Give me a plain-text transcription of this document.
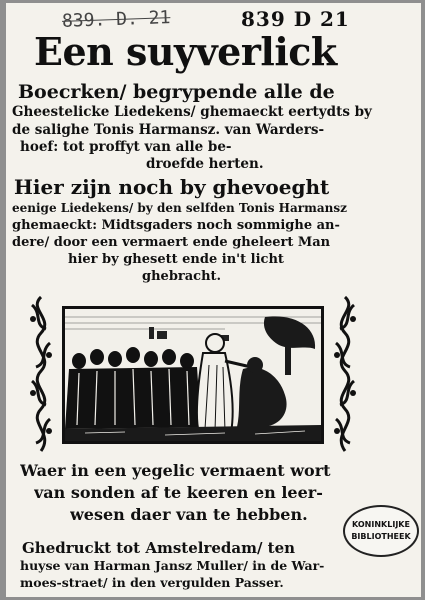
839. D. 21	839 D 21
Een suyverlick
Boecrken/ begrypende alle de
Gheestelicke Liedekens/ ghemaeckt eertydts by
de salighe Tonis Harmansz. van Warders-
hoef: tot proffyt van alle be-
droefde herten.
Hier zijn noch by ghevoeght
eenige Liedekens/ by den selfden Tonis Harmansz
ghemaeckt: Midtsgaders noch sommighe an-
dere/ door een vermaert ende gheleert Man
hier by ghesett ende in't licht
ghebracht.
Waer in een yegelic vermaent wort
van sonden af te keeren en leer-
wesen daer van te hebben.
Ghedruckt tot Amstelredam/ ten
huyse van Harman Jansz Muller/ in de War-
moes-straet/ in den vergulden Passer.
KONINKLIJKE
BIBLIOTHEEK
